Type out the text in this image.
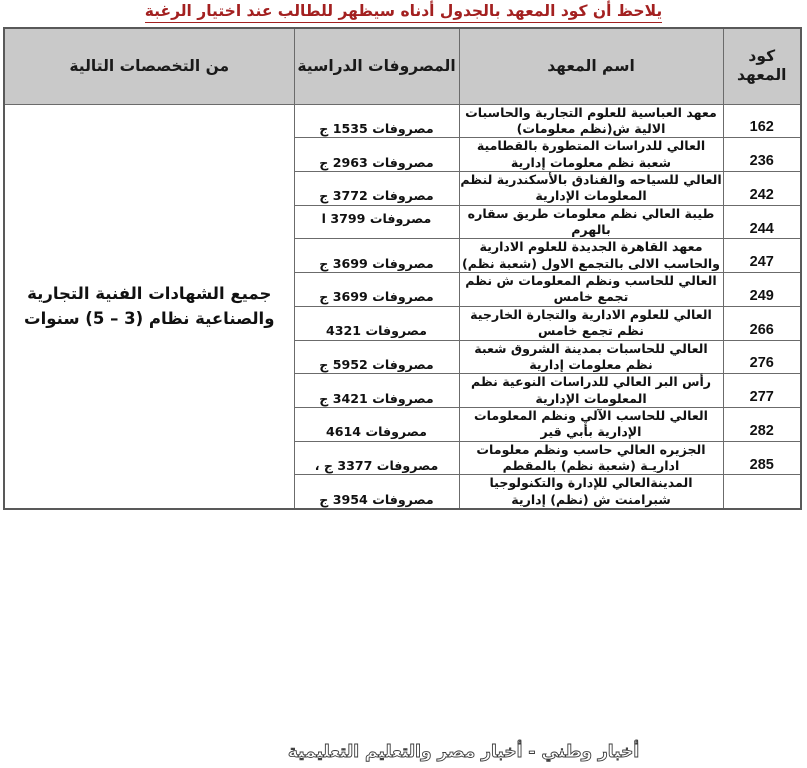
يلاحظ أن كود المعهد بالجدول أدناه سيظهر للطالب عند اختيار الرغبة
كود المعهد	اسم المعهد	المصروفات الدراسية	من التخصصات التالية
162	معهد العباسية للعلوم التجارية والحاسبات الالية ش(نظم معلومات)	مصروفات 1535 ج	جميع الشهادات الفنية التجارية والصناعية نظام (3 – 5) سنوات
236	العالي للدراسات المتطورة بالقطامية شعبة نظم معلومات إدارية	مصروفات 2963 ج	
242	العالي للسياحه والفنادق بالأسكندرية لنظم المعلومات الإدارية	مصروفات 3772 ج	
244	طيبة العالي نظم معلومات طريق سقاره بالهرم	مصروفات 3799 ا	
247	معهد القاهرة الجديدة للعلوم الادارية والحاسب الالى بالتجمع الاول (شعبة نظم)	مصروفات 3699 ج	
249	العالي للحاسب ونظم المعلومات ش نظم تجمع خامس	مصروفات 3699 ج	
266	العالي للعلوم الادارية والتجارة الخارجية نظم تجمع خامس	مصروفات 4321	
276	العالي للحاسبات بمدينة الشروق شعبة نظم معلومات إدارية	مصروفات 5952 ج	
277	رأس البر العالي للدراسات النوعية نظم المعلومات الإدارية	مصروفات 3421 ج	
282	العالي للحاسب الآلي ونظم المعلومات الإدارية بأبي قير	مصروفات 4614	
285	الجزيره العالي حاسب ونظم معلومات اداريـة (شعبة نظم) بالمقطم	مصروفات 3377 ج ،	
	المدينةالعالي للإدارة والتكنولوجيا شبرامنت ش (نظم) إدارية	مصروفات 3954 ج	
أخبار وطني - أخبار مصر والتعليم التعليمية
